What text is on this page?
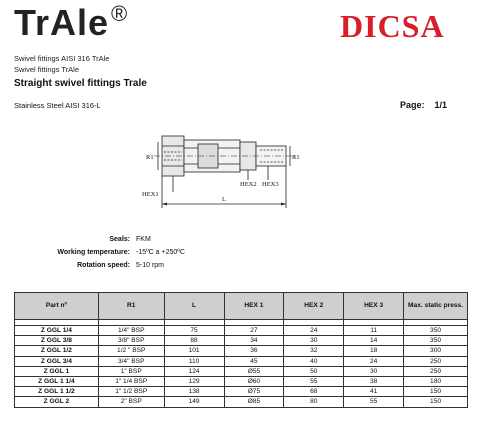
TrAle®	DICSA
Swivel fittings AISI 316 TrAle
Swivel fittings TrAle
Straight swivel fittings Trale
Stainless Steel AISI 316-L	Page: 1/1
R1	R1
HEX1
HEX2 HEX3
L
Seals: FKM
Working temperature: -15ºC a +250ºC
Rotation speed: 5-10 rpm
Part nº	R1	L	HEX 1	HEX 2	HEX 3	Max. static press.

Z GGL 1/4	1/4" BSP	75	27	24	11	350
Z GGL 3/8	3/8" BSP	88	34	30	14	350
Z GGL 1/2	1/2 " BSP	101	36	32	18	300
Z GGL 3/4	3/4" BSP	110	45	40	24	250
Z GGL 1	1" BSP	124	Ø55	50	30	250
Z GGL 1 1/4	1" 1/4 BSP	129	Ø60	55	38	180
Z GGL 1 1/2	1" 1/2 BSP	138	Ø75	68	41	150
Z GGL 2	2" BSP	149	Ø85	80	55	150
